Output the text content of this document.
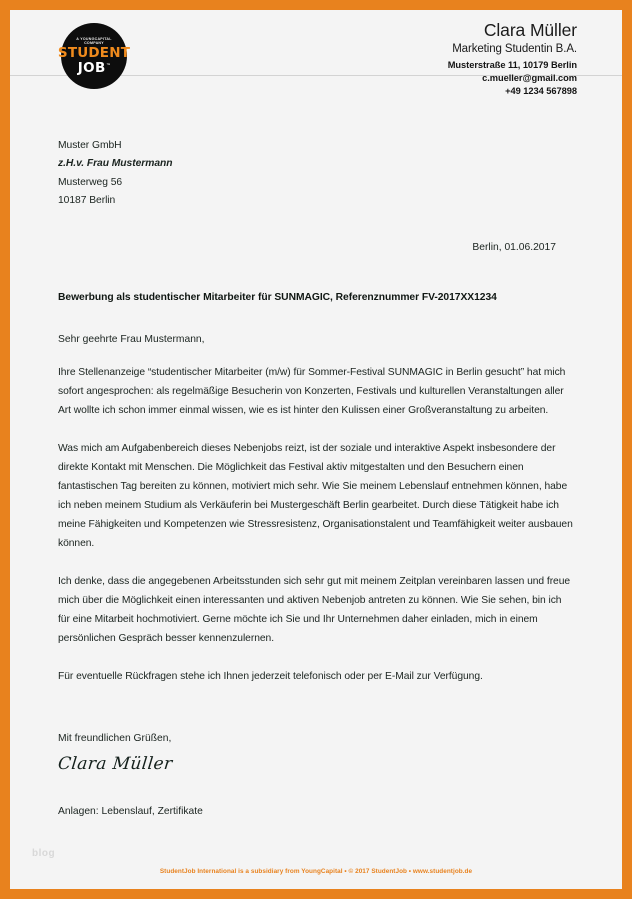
A YOUNGCAPITAL COMPANY
STUDENT
JOB ™
Clara Müller
Marketing Studentin B.A.
Musterstraße 11, 10179 Berlin
c.mueller@gmail.com
+49 1234 567898
Muster GmbH
z.H.v. Frau Mustermann
Musterweg 56
10187 Berlin
Berlin, 01.06.2017
Bewerbung als studentischer Mitarbeiter für SUNMAGIC, Referenznummer FV-2017XX1234
Sehr geehrte Frau Mustermann,
Ihre Stellenanzeige “studentischer Mitarbeiter (m/w) für Sommer-Festival SUNMAGIC in Berlin gesucht” hat mich sofort angesprochen: als regelmäßige Besucherin von Konzerten, Festivals und kulturellen Veranstaltungen aller Art wollte ich schon immer einmal wissen, wie es ist hinter den Kulissen einer Großveranstaltung zu arbeiten.
Was mich am Aufgabenbereich dieses Nebenjobs reizt, ist der soziale und interaktive Aspekt insbesondere der direkte Kontakt mit Menschen. Die Möglichkeit das Festival aktiv mitgestalten und den Besuchern einen fantastischen Tag bereiten zu können, motiviert mich sehr. Wie Sie meinem Lebenslauf entnehmen können, habe ich neben meinem Studium als Verkäuferin bei Mustergeschäft Berlin gearbeitet. Durch diese Tätigkeit habe ich meine Fähigkeiten und Kompetenzen wie Stressresistenz, Organisationstalent und Teamfähigkeit weiter ausbauen können.
Ich denke, dass die angegebenen Arbeitsstunden sich sehr gut mit meinem Zeitplan vereinbaren lassen und freue mich über die Möglichkeit einen interessanten und aktiven Nebenjob antreten zu können. Wie Sie sehen, bin ich für eine Mitarbeit hochmotiviert. Gerne möchte ich Sie und Ihr Unternehmen daher einladen, mich in einem persönlichen Gespräch besser kennenzulernen.
Für eventuelle Rückfragen stehe ich Ihnen jederzeit telefonisch oder per E-Mail zur Verfügung.
Mit freundlichen Grüßen,
Clara Müller
Anlagen: Lebenslauf, Zertifikate
blog
StudentJob International is a subsidiary from YoungCapital • © 2017 StudentJob • www.studentjob.de
